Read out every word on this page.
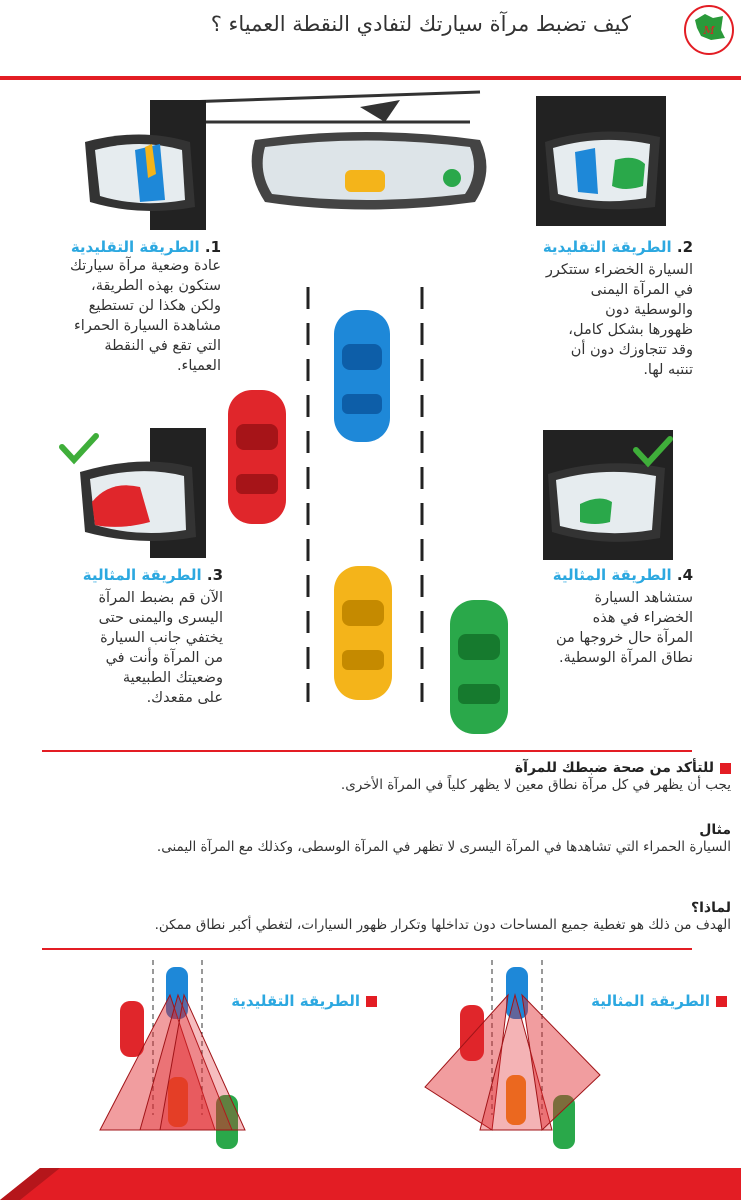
كيف تضبط مرآة سيارتك لتفادي النقطة العمياء ؟	M
1. الطريقة التقليدية
عادة وضعية مرآة سيارتك
ستكون بهذه الطريقة،
ولكن هكذا لن تستطيع
مشاهدة السيارة الحمراء
التي تقع في النقطة
العمياء.
2. الطريقة التقليدية
السيارة الخضراء ستتكرر
في المرآة اليمنى
والوسطية دون
ظهورها بشكل كامل،
وقد تتجاوزك دون أن
تنتبه لها.
3. الطريقة المثالية
الآن قم بضبط المرآة
اليسرى واليمنى حتى
يختفي جانب السيارة
من المرآة وأنت في
وضعيتك الطبيعية
على مقعدك.
4. الطريقة المثالية
ستشاهد السيارة
الخضراء في هذه
المرآة حال خروجها من
نطاق المرآة الوسطية.
للتأكد من صحة ضبطك للمرآة
يجب أن يظهر في كل مرآة نطاق معين لا يظهر كلياً في المرآة الأخرى.
مثال
السيارة الحمراء التي تشاهدها في المرآة اليسرى لا تظهر في المرآة الوسطى، وكذلك مع المرآة اليمنى.
لماذا؟
الهدف من ذلك هو تغطية جميع المساحات دون تداخلها وتكرار ظهور السيارات، لتغطي أكبر نطاق ممكن.
الطريقة التقليدية	الطريقة المثالية
